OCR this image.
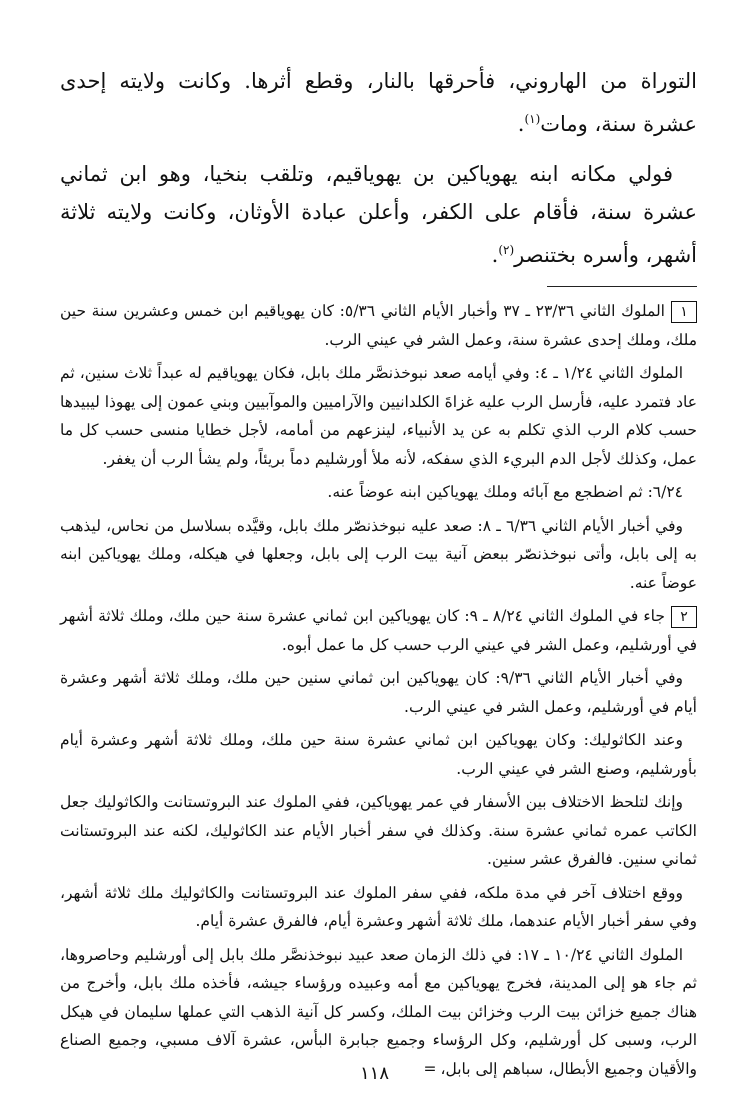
التوراة من الهاروني، فأحرقها بالنار، وقطع أثرها. وكانت ولايته إحدى عشرة سنة، ومات$^{(١)}$.

فولي مكانه ابنه يهوياكين بن يهوياقيم، وتلقب بنخيا، وهو ابن ثماني عشرة سنة، فأقام على الكفر، وأعلن عبادة الأوثان، وكانت ولايته ثلاثة أشهر، وأسره بختنصر$^{(٢)}$.

١الملوك الثاني ٢٣/٣٦ ـ ٣٧ وأخبار الأيام الثاني ٥/٣٦: كان يهوياقيم ابن خمس وعشرين سنة حين ملك، وملك إحدى عشرة سنة، وعمل الشر في عيني الرب.

الملوك الثاني ١/٢٤ ـ ٤: وفي أيامه صعد نبوخذنصَّر ملك بابل، فكان يهوياقيم له عبداً ثلاث سنين، ثم عاد فتمرد عليه، فأرسل الرب عليه غزاةَ الكلدانيين والآراميين والموآبيين وبني عمون إلى يهوذا ليبيدها حسب كلام الرب الذي تكلم به عن يد الأنبياء، لينزعهم من أمامه، لأجل خطايا منسى حسب كل ما عمل، وكذلك لأجل الدم البريء الذي سفكه، لأنه ملأ أورشليم دماً بريئاً، ولم يشأ الرب أن يغفر.

٦/٢٤: ثم اضطجع مع آبائه وملك يهوياكين ابنه عوضاً عنه.

وفي أخبار الأيام الثاني ٦/٣٦ ـ ٨: صعد عليه نبوخذنصّر ملك بابل، وقيَّده بسلاسل من نحاس، ليذهب به إلى بابل، وأتى نبوخذنصّر ببعض آنية بيت الرب إلى بابل، وجعلها في هيكله، وملك يهوياكين ابنه عوضاً عنه.

٢جاء في الملوك الثاني ٨/٢٤ ـ ٩: كان يهوياكين ابن ثماني عشرة سنة حين ملك، وملك ثلاثة أشهر في أورشليم، وعمل الشر في عيني الرب حسب كل ما عمل أبوه.

وفي أخبار الأيام الثاني ٩/٣٦: كان يهوياكين ابن ثماني سنين حين ملك، وملك ثلاثة أشهر وعشرة أيام في أورشليم، وعمل الشر في عيني الرب.

وعند الكاثوليك: وكان يهوياكين ابن ثماني عشرة سنة حين ملك، وملك ثلاثة أشهر وعشرة أيام بأورشليم، وصنع الشر في عيني الرب.

وإنك لتلحظ الاختلاف بين الأسفار في عمر يهوياكين، ففي الملوك عند البروتستانت والكاثوليك جعل الكاتب عمره ثماني عشرة سنة. وكذلك في سفر أخبار الأيام عند الكاثوليك، لكنه عند البروتستانت ثماني سنين. فالفرق عشر سنين.

ووقع اختلاف آخر في مدة ملكه، ففي سفر الملوك عند البروتستانت والكاثوليك ملك ثلاثة أشهر، وفي سفر أخبار الأيام عندهما، ملك ثلاثة أشهر وعشرة أيام، فالفرق عشرة أيام.

الملوك الثاني ١٠/٢٤ ـ ١٧: في ذلك الزمان صعد عبيد نبوخذنصَّر ملك بابل إلى أورشليم وحاصروها، ثم جاء هو إلى المدينة، فخرج يهوياكين مع أمه وعبيده ورؤساء جيشه، فأخذه ملك بابل، وأخرج من هناك جميع خزائن بيت الرب وخزائن بيت الملك، وكسر كل آنية الذهب التي عملها سليمان في هيكل الرب، وسبى كل أورشليم، وكل الرؤساء وجميع جبابرة البأس، عشرة آلاف مسبي، وجميع الصناع والأقيان وجميع الأبطال، سباهم إلى بابل،=

١١٨
